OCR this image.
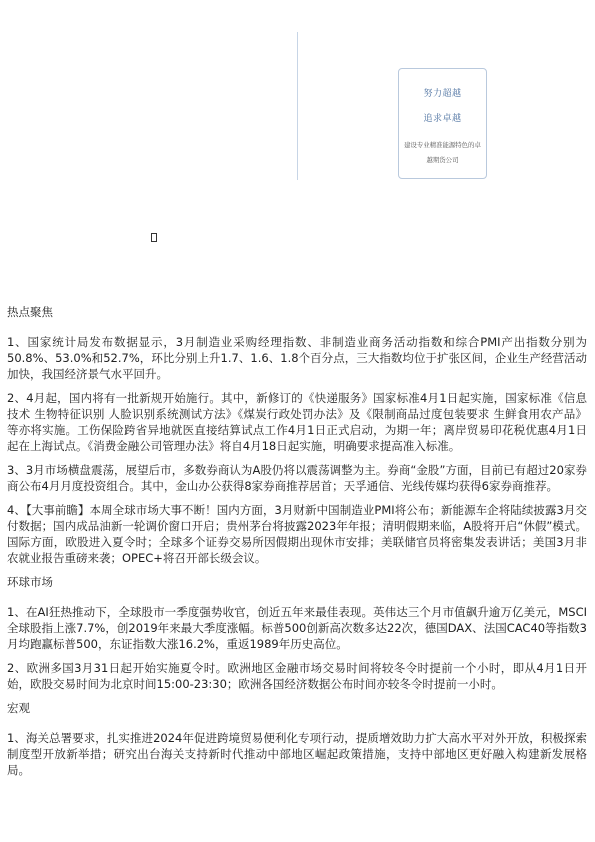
努力超越
追求卓越
建设专业精准能源特色的卓越期货公司
热点聚焦

1、国家统计局发布数据显示，3月制造业采购经理指数、非制造业商务活动指数和综合PMI产出指数分别为50.8%、53.0%和52.7%，环比分别上升1.7、1.6、1.8个百分点，三大指数均位于扩张区间，企业生产经营活动加快，我国经济景气水平回升。

2、4月起，国内将有一批新规开始施行。其中，新修订的《快递服务》国家标准4月1日起实施，国家标准《信息技术 生物特征识别 人脸识别系统测试方法》《煤炭行政处罚办法》及《限制商品过度包装要求 生鲜食用农产品》等亦将实施。工伤保险跨省异地就医直接结算试点工作4月1日正式启动，为期一年；离岸贸易印花税优惠4月1日起在上海试点。《消费金融公司管理办法》将自4月18日起实施，明确要求提高准入标准。

3、3月市场横盘震荡，展望后市，多数券商认为A股仍将以震荡调整为主。券商“金股”方面，目前已有超过20家券商公布4月月度投资组合。其中，金山办公获得8家券商推荐居首；天孚通信、光线传媒均获得6家券商推荐。

4、【大事前瞻】本周全球市场大事不断！国内方面，3月财新中国制造业PMI将公布；新能源车企将陆续披露3月交付数据；国内成品油新一轮调价窗口开启；贵州茅台将披露2023年年报；清明假期来临，A股将开启“休假”模式。国际方面，欧股进入夏令时；全球多个证券交易所因假期出现休市安排；美联储官员将密集发表讲话；美国3月非农就业报告重磅来袭；OPEC+将召开部长级会议。

环球市场

1、在AI狂热推动下，全球股市一季度强势收官，创近五年来最佳表现。英伟达三个月市值飙升逾万亿美元，MSCI全球股指上涨7.7%，创2019年来最大季度涨幅。标普500创新高次数多达22次，德国DAX、法国CAC40等指数3月均跑赢标普500，东证指数大涨16.2%，重返1989年历史高位。

2、欧洲多国3月31日起开始实施夏令时。欧洲地区金融市场交易时间将较冬令时提前一个小时，即从4月1日开始，欧股交易时间为北京时间15:00-23:30；欧洲各国经济数据公布时间亦较冬令时提前一小时。

宏观

1、海关总署要求，扎实推进2024年促进跨境贸易便利化专项行动，提质增效助力扩大高水平对外开放，积极探索制度型开放新举措；研究出台海关支持新时代推动中部地区崛起政策措施，支持中部地区更好融入构建新发展格局。
